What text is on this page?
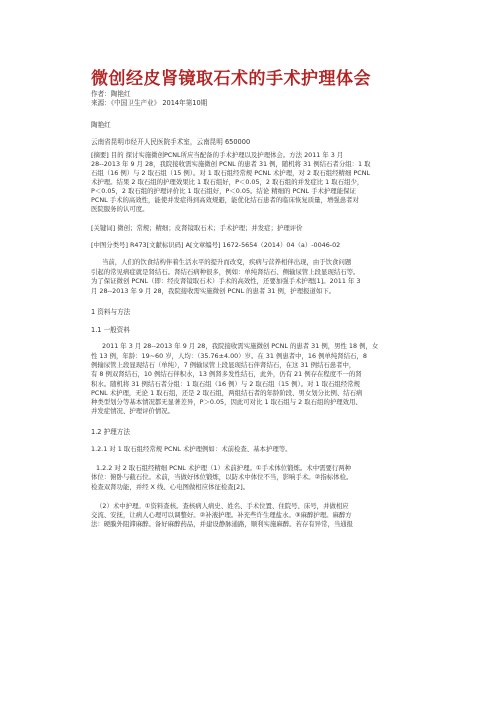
微创经皮肾镜取石术的手术护理体会
作者：陶艳红
来源：《中国卫生产业》 2014年第10期
陶艳红
云南省昆明市经开人民医院手术室，云南昆明 650000
[摘要] 目的 探讨实施微创PCNL所应当配备的手术护理以及护理体会。方法 2011 年 3 月
28--2013 年 9 月 28，我院接收需实施微创 PCNL 的患者 31 例，随机将 31 例结石者分组：1 取
石组（16 例）与 2 取石组（15 例）。对 1 取石组经常规 PCNL 术护理，对 2 取石组经精细 PCNL
术护理。结果 2 取石组的护理效果比 1 取石组好，P＜0.05，2 取石组的并发症比 1 取石组少，
P＜0.05，2 取石组的护理评价比 1 取石组好，P＜0.05。结论 精细的 PCNL 手术护理能保证
PCNL 手术的高效性，能使并发症得到高效规避，能优化结石患者的临床恢复质量，增强患者对
医院服务的认可度。
[关键词] 微创；常规；精细；皮肾镜取石术；手术护理；并发症；护理评价
[中图分类号] R473[文献标识码] A[文章编号] 1672-5654（2014）04（a）-0046-02
当前，人们的饮食结构伴着生活水平的提升而改变，疾病与营养相伴出现，由于饮食问题
引起的常见病症就是肾结石。肾结石病种很多，例如：单纯肾结石、侧输尿管上段显现结石等。
为了保证微创 PCNL（即：经皮肾镜取石术）手术的高效性，还要加强手术护理[1]。2011 年 3
月 28--2013 年 9 月 28，我院接收需实施微创 PCNL 的患者 31 例，护理报道如下。
1 资料与方法
1.1 一般资料
2011 年 3 月 28--2013 年 9 月 28，我院接收需实施微创 PCNL 的患者 31 例，男性 18 例，女
性 13 例，年龄：19~60 岁，人均：（35.76±4.00）岁。在 31 例患者中，16 例单纯肾结石，8
例输尿管上段显现结石（单纯），7 例输尿管上段显现结石伴肾结石，在这 31 例结石患者中，
有 8 例双肾结石，10 例结石伴积水，13 例肾多发性结石，此外，仍有 21 例存在程度不一的肾
积水。随机将 31 例结石者分组：1 取石组（16 例）与 2 取石组（15 例）。对 1 取石组经常规
PCNL 术护理，无论 1 取石组，还是 2 取石组，两组结石者的年龄阶段、男女划分比例、结石病
种类型划分等基本情况都无显著差异，P＞0.05，因此可对比 1 取石组与 2 取石组的护理效用、
并发症情况、护理评价情况。
1.2 护理方法
1.2.1 对 1 取石组经常规 PCNL 术护理例如：术前检查、基本护理等。
1.2.2 对 2 取石组经精细 PCNL 术护理（1）术前护理。①手术体位锻炼。术中需要行两种
体位：俯卧与截石位。术前，当做好体位锻炼，以防术中体位不当，影响手术。②指标体检。
检查双肾功能，并经 X 线、心电图做相应体征检查[2]。
（2）术中护理。①资料查核。查核病人病史、姓名、手术位置、住院号、床号，并做相应
交流、安抚，让病人心理可以调整好。②补液护理。补充些许生理盐水。③麻醉护理。麻醉方
法：硬膜外阻滞麻醉。备好麻醉药品，并建设静脉通路，顺利实施麻醉。若存有异常，当通报
